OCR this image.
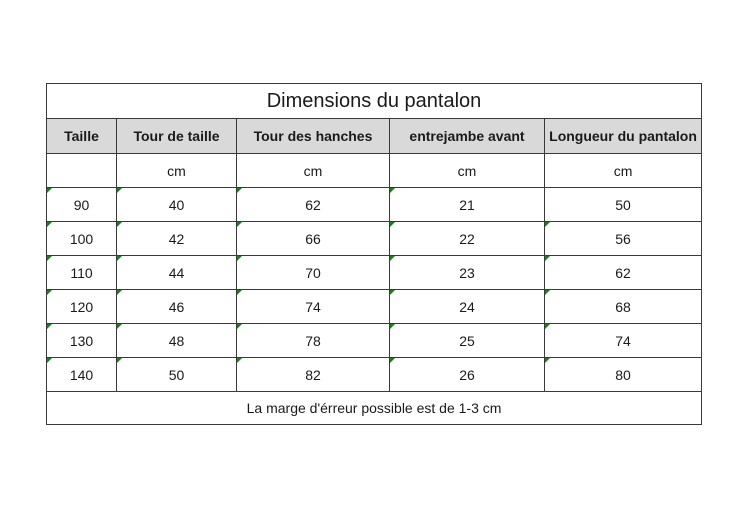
Dimensions du pantalon				
Taille	Tour de taille	Tour des hanches	entrejambe avant	Longueur du pantalon
	cm	cm	cm	cm
90	40	62	21	50
100	42	66	22	56
110	44	70	23	62
120	46	74	24	68
130	48	78	25	74
140	50	82	26	80
La marge d'érreur possible est de 1-3 cm				
